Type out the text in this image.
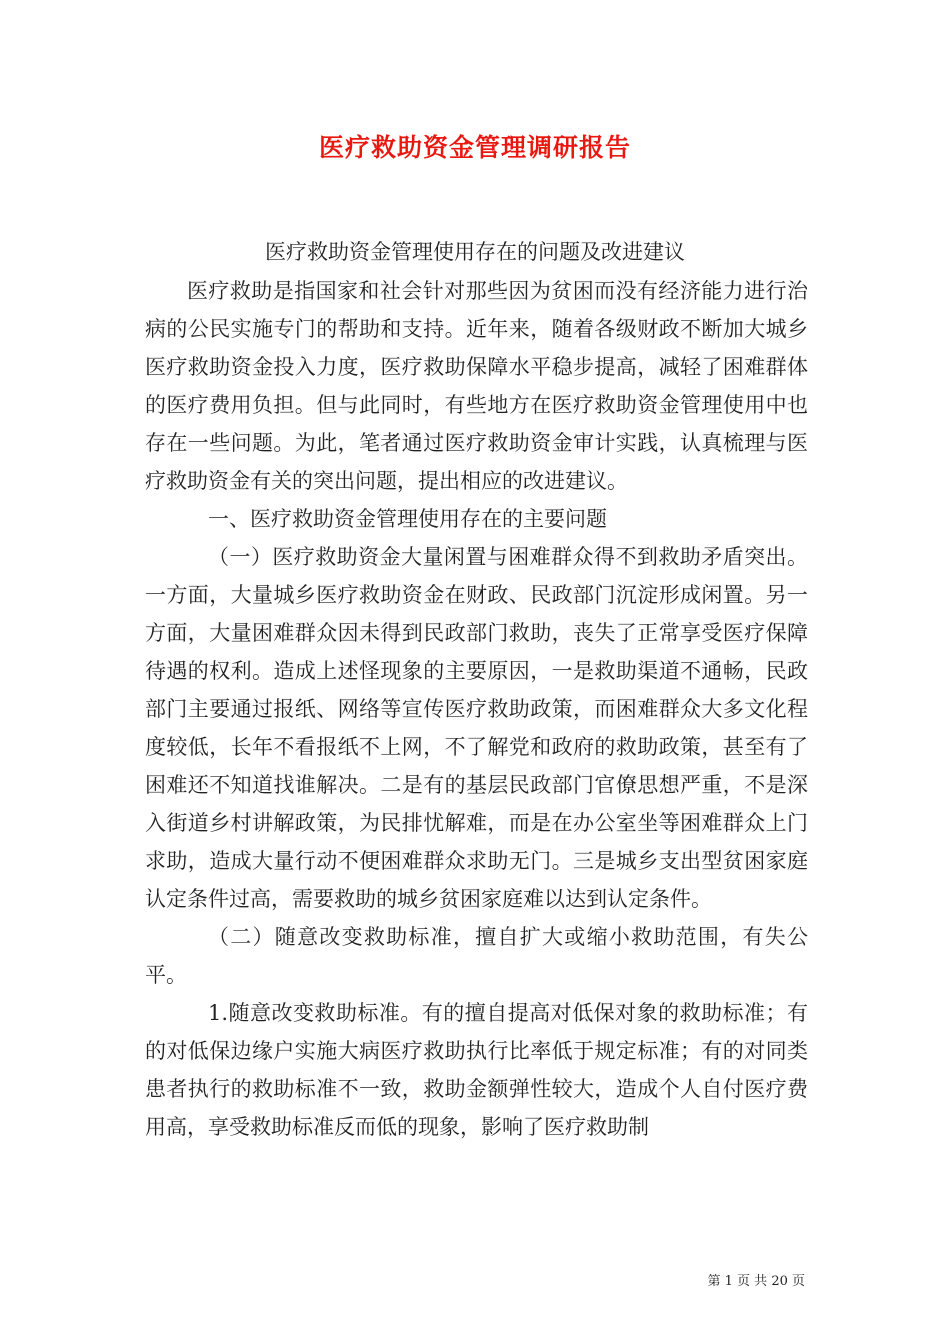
医疗救助资金管理调研报告
医疗救助资金管理使用存在的问题及改进建议

医疗救助是指国家和社会针对那些因为贫困而没有经济能力进行治病的公民实施专门的帮助和支持。近年来，随着各级财政不断加大城乡医疗救助资金投入力度，医疗救助保障水平稳步提高，减轻了困难群体的医疗费用负担。但与此同时，有些地方在医疗救助资金管理使用中也存在一些问题。为此，笔者通过医疗救助资金审计实践，认真梳理与医疗救助资金有关的突出问题，提出相应的改进建议。

一、医疗救助资金管理使用存在的主要问题

（一）医疗救助资金大量闲置与困难群众得不到救助矛盾突出。一方面，大量城乡医疗救助资金在财政、民政部门沉淀形成闲置。另一方面，大量困难群众因未得到民政部门救助，丧失了正常享受医疗保障待遇的权利。造成上述怪现象的主要原因，一是救助渠道不通畅，民政部门主要通过报纸、网络等宣传医疗救助政策，而困难群众大多文化程度较低，长年不看报纸不上网，不了解党和政府的救助政策，甚至有了困难还不知道找谁解决。二是有的基层民政部门官僚思想严重，不是深入街道乡村讲解政策，为民排忧解难，而是在办公室坐等困难群众上门求助，造成大量行动不便困难群众求助无门。三是城乡支出型贫困家庭认定条件过高，需要救助的城乡贫困家庭难以达到认定条件。

（二）随意改变救助标准，擅自扩大或缩小救助范围，有失公平。

1.随意改变救助标准。有的擅自提高对低保对象的救助标准；有的对低保边缘户实施大病医疗救助执行比率低于规定标准；有的对同类患者执行的救助标准不一致，救助金额弹性较大，造成个人自付医疗费用高，享受救助标准反而低的现象，影响了医疗救助制

第 1 页 共 20 页
